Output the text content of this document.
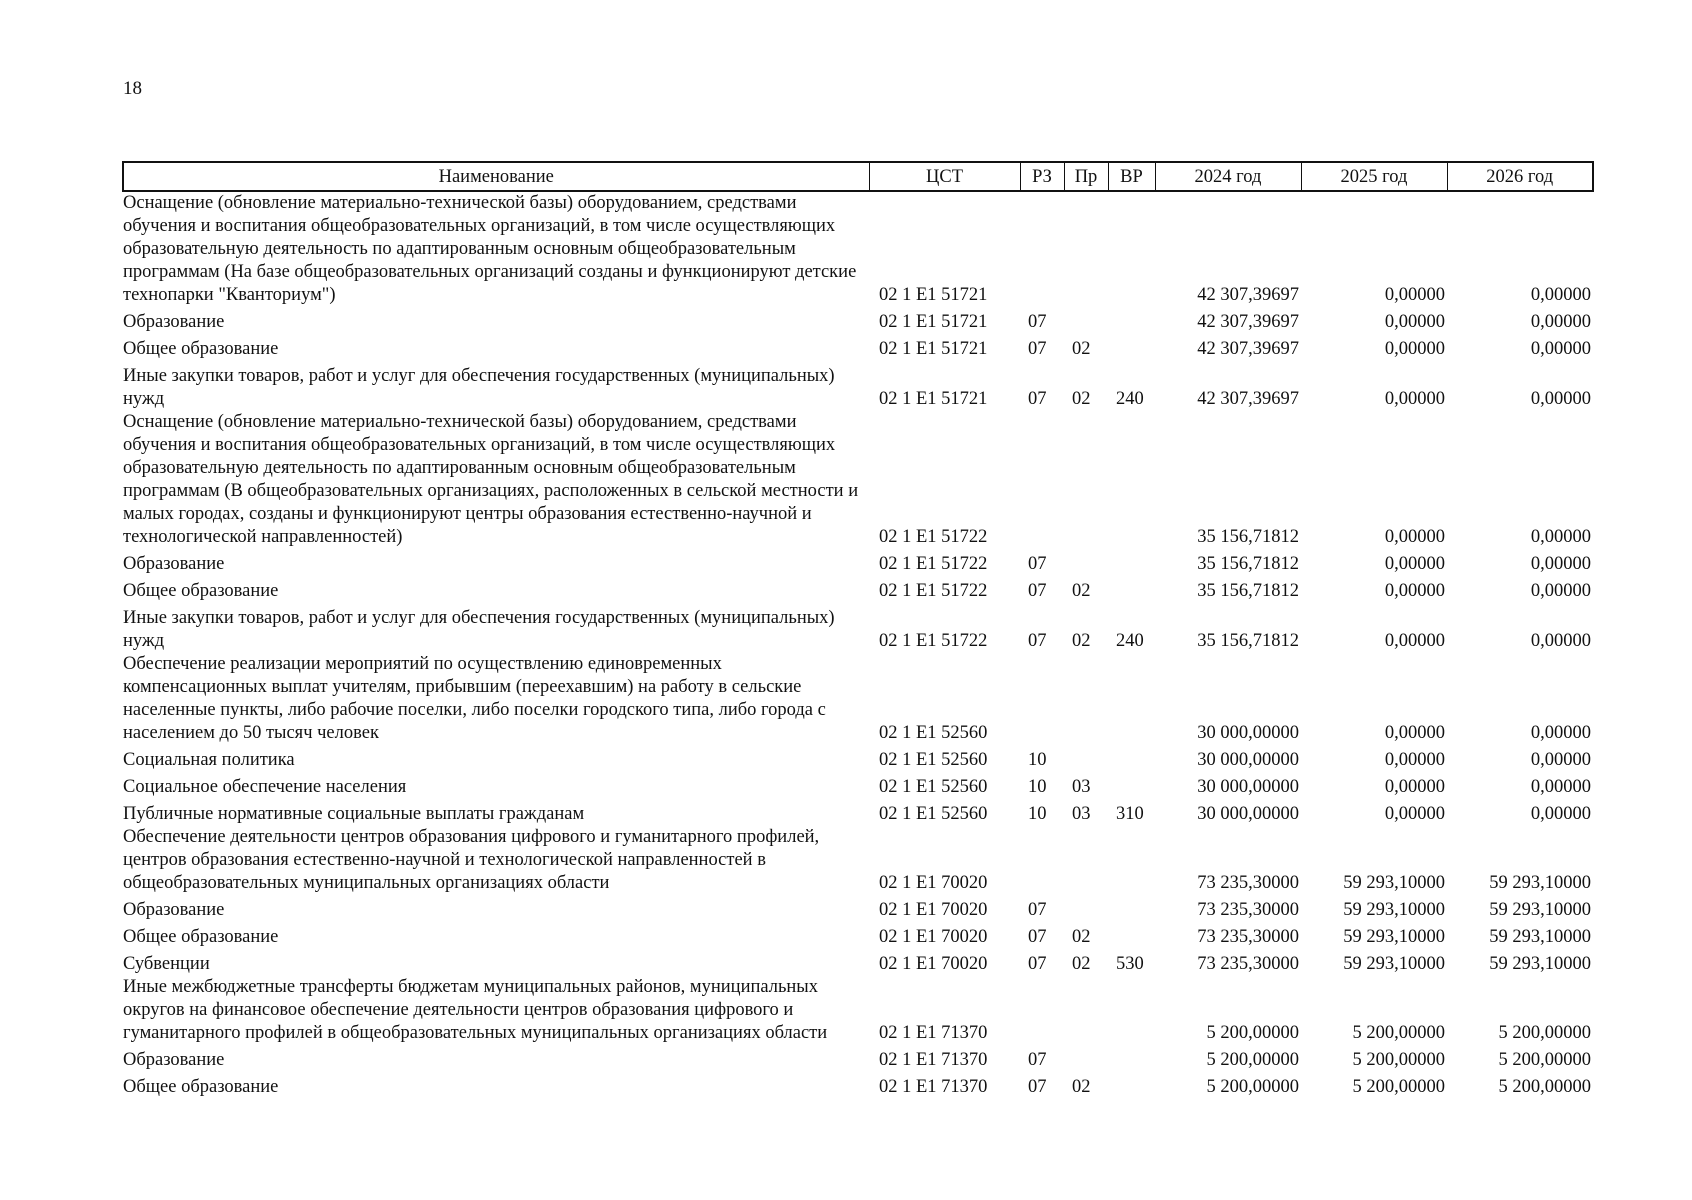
18
Наименование	ЦСТ	РЗ	Пр	ВР	2024 год	2025 год	2026 год
Оснащение (обновление материально-технической базы) оборудованием, средствами обучения и воспитания общеобразовательных организаций, в том числе осуществляющих образовательную деятельность по адаптированным основным общеобразовательным программам (На базе общеобразовательных организаций созданы и функционируют детские технопарки "Кванториум")	02 1 E1 51721				42 307,39697	0,00000	0,00000
Образование	02 1 E1 51721	07			42 307,39697	0,00000	0,00000
Общее образование	02 1 E1 51721	07	02		42 307,39697	0,00000	0,00000
Иные закупки товаров, работ и услуг для обеспечения государственных (муниципальных) нужд	02 1 E1 51721	07	02	240	42 307,39697	0,00000	0,00000
Оснащение (обновление материально-технической базы) оборудованием, средствами обучения и воспитания общеобразовательных организаций, в том числе осуществляющих образовательную деятельность по адаптированным основным общеобразовательным программам (В общеобразовательных организациях, расположенных в сельской местности и малых городах, созданы и функционируют центры образования естественно-научной и технологической направленностей)	02 1 E1 51722				35 156,71812	0,00000	0,00000
Образование	02 1 E1 51722	07			35 156,71812	0,00000	0,00000
Общее образование	02 1 E1 51722	07	02		35 156,71812	0,00000	0,00000
Иные закупки товаров, работ и услуг для обеспечения государственных (муниципальных) нужд	02 1 E1 51722	07	02	240	35 156,71812	0,00000	0,00000
Обеспечение реализации мероприятий по осуществлению единовременных компенсационных выплат учителям, прибывшим (переехавшим) на работу в сельские населенные пункты, либо рабочие поселки, либо поселки городского типа, либо города с населением до 50 тысяч человек	02 1 E1 52560				30 000,00000	0,00000	0,00000
Социальная политика	02 1 E1 52560	10			30 000,00000	0,00000	0,00000
Социальное обеспечение населения	02 1 E1 52560	10	03		30 000,00000	0,00000	0,00000
Публичные нормативные социальные выплаты гражданам	02 1 E1 52560	10	03	310	30 000,00000	0,00000	0,00000
Обеспечение деятельности центров образования цифрового и гуманитарного профилей, центров образования естественно-научной и технологической направленностей в общеобразовательных муниципальных организациях области	02 1 E1 70020				73 235,30000	59 293,10000	59 293,10000
Образование	02 1 E1 70020	07			73 235,30000	59 293,10000	59 293,10000
Общее образование	02 1 E1 70020	07	02		73 235,30000	59 293,10000	59 293,10000
Субвенции	02 1 E1 70020	07	02	530	73 235,30000	59 293,10000	59 293,10000
Иные межбюджетные трансферты бюджетам муниципальных районов, муниципальных округов на финансовое обеспечение деятельности центров образования цифрового и гуманитарного профилей в общеобразовательных муниципальных организациях области	02 1 E1 71370				5 200,00000	5 200,00000	5 200,00000
Образование	02 1 E1 71370	07			5 200,00000	5 200,00000	5 200,00000
Общее образование	02 1 E1 71370	07	02		5 200,00000	5 200,00000	5 200,00000
